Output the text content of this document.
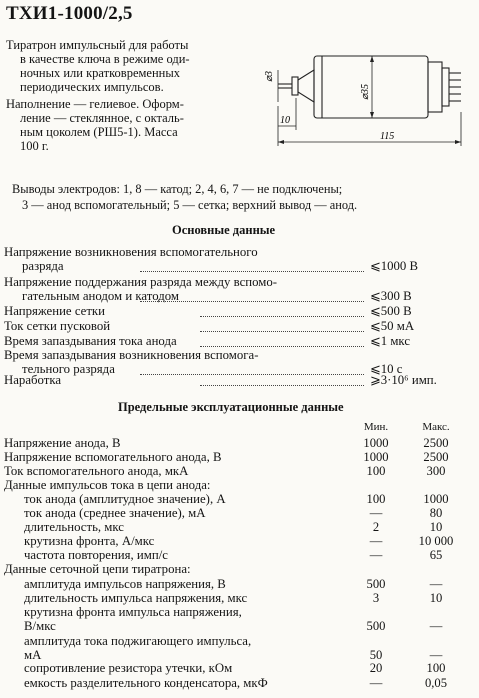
ТХИ1-1000/2,5
Тиратрон импульсный для работы
в качестве ключа в режиме оди-
ночных или кратковременных
периодических импульсов.
Наполнение — гелиевое. Оформ-
ление — стеклянное, с окталь-
ным цоколем (РШ5-1). Масса
100 г.
⌀3
⌀35
10
115
Выводы электродов: 1, 8 — катод; 2, 4, 6, 7 — не подключены;
3 — анод вспомогательный; 5 — сетка; верхний вывод — анод.
Основные данные
Напряжение возникновения вспомогательного
разряда	⩽1000 В
Напряжение поддержания разряда между вспомо-
гательным анодом и катодом	⩽300 В
Напряжение сетки	⩽500 В
Ток сетки пусковой	⩽50 мА
Время запаздывания тока анода	⩽1 мкс
Время запаздывания возникновения вспомога-
тельного разряда	⩽10 с
Наработка	⩾3·10⁶ имп.
Предельные эксплуатационные данные
Мин.	Макс.
Напряжение анода, В	1000	2500
Напряжение вспомогательного анода, В	1000	2500
Ток вспомогательного анода, мкА	100	300
Данные импульсов тока в цепи анода:
ток анода (амплитудное значение), А	100	1000
ток анода (среднее значение), мА	—	80
длительность, мкс	2	10
крутизна фронта, А/мкс	—	10 000
частота повторения, имп/с	—	65
Данные сеточной цепи тиратрона:
амплитуда импульсов напряжения, В	500	—
длительность импульса напряжения, мкс	3	10
крутизна фронта импульса напряжения,
В/мкс	500	—
амплитуда тока поджигающего импульса,
мА	50	—
сопротивление резистора утечки, кОм	20	100
емкость разделительного конденсатора, мкФ	—	0,05
